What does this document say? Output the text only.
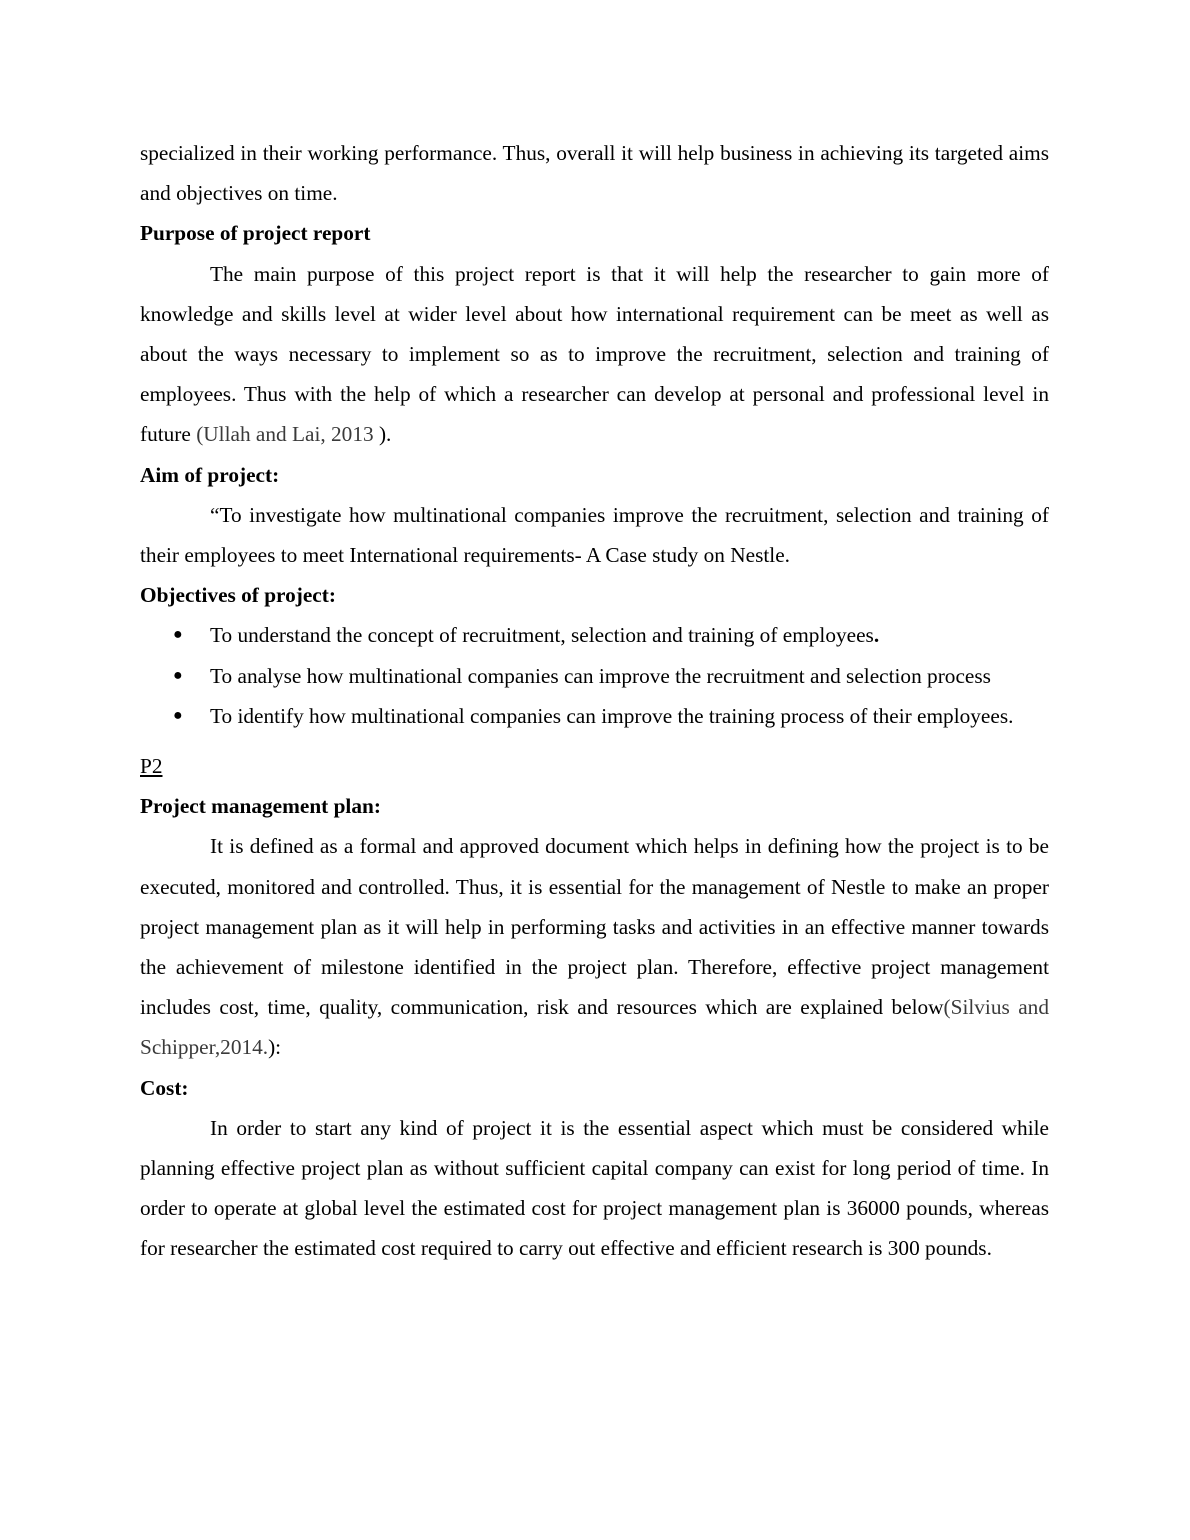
specialized in their working performance. Thus, overall it will help business in achieving its targeted aims and objectives on time.

Purpose of project report

The main purpose of this project report is that it will help the researcher to gain more of knowledge and skills level at wider level about how international requirement can be meet as well as about the ways necessary to implement so as to improve the recruitment, selection and training of employees. Thus with the help of which a researcher can develop at personal and professional level in future (Ullah and Lai, 2013 ).

Aim of project:

“To investigate how multinational companies improve the recruitment, selection and training of their employees to meet International requirements- A Case study on Nestle.

Objectives of project:

● To understand the concept of recruitment, selection and training of employees.
● To analyse how multinational companies can improve the recruitment and selection process
● To identify how multinational companies can improve the training process of their employees.

P2

Project management plan:

It is defined as a formal and approved document which helps in defining how the project is to be executed, monitored and controlled. Thus, it is essential for the management of Nestle to make an proper project management plan as it will help in performing tasks and activities in an effective manner towards the achievement of milestone identified in the project plan. Therefore, effective project management includes cost, time, quality, communication, risk and resources which are explained below(Silvius and Schipper,2014.):

Cost:

In order to start any kind of project it is the essential aspect which must be considered while planning effective project plan as without sufficient capital company can exist for long period of time. In order to operate at global level the estimated cost for project management plan is 36000 pounds, whereas for researcher the estimated cost required to carry out effective and efficient research is 300 pounds.
